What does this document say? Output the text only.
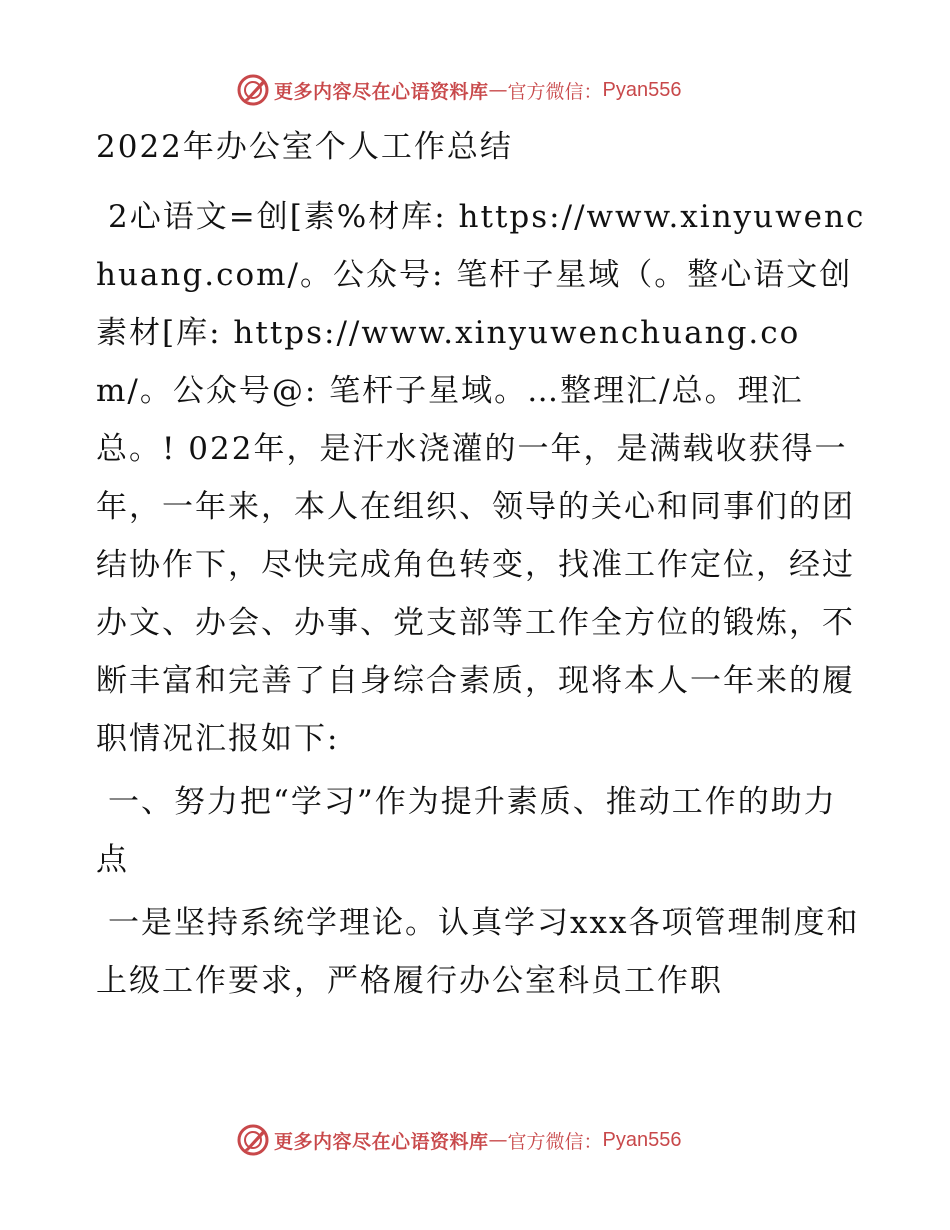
更多内容尽在心语资料库 — 官方微信： Pyan556
2022年办公室个人工作总结
2心语文=创[素%材库: https://www.xinyuwenchuang.com/。公众号: 笔杆子星域（。整心语文创素材[库: https://www.xinyuwenchuang.com/。公众号@: 笔杆子星域。…整理汇/总。理汇总。! 022年，是汗水浇灌的一年，是满载收获得一年，一年来，本人在组织、领导的关心和同事们的团结协作下，尽快完成角色转变，找准工作定位，经过办文、办会、办事、党支部等工作全方位的锻炼，不断丰富和完善了自身综合素质，现将本人一年来的履职情况汇报如下:
一、努力把“学习”作为提升素质、推动工作的助力点
一是坚持系统学理论。认真学习xxx各项管理制度和上级工作要求，严格履行办公室科员工作职
更多内容尽在心语资料库 — 官方微信： Pyan556
